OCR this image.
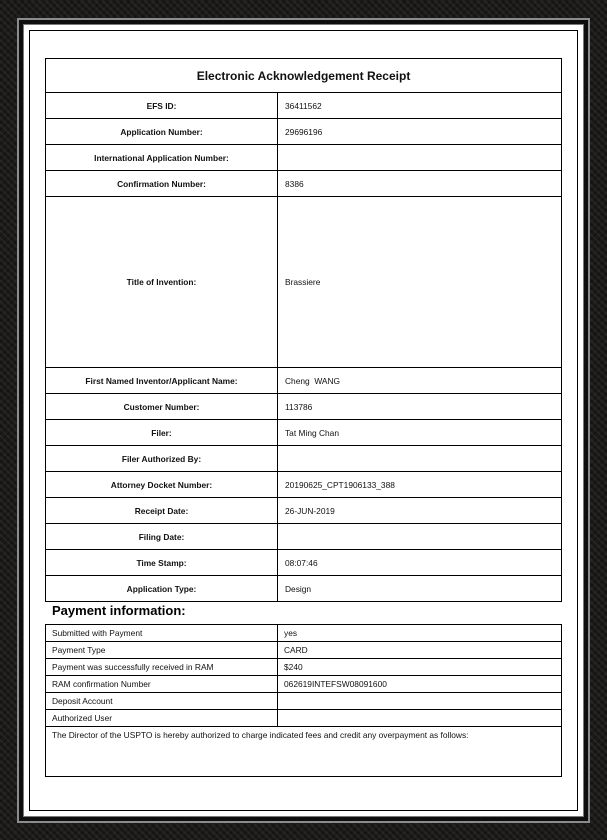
Electronic Acknowledgement Receipt	
EFS ID:	36411562
Application Number:	29696196
International Application Number:	
Confirmation Number:	8386
Title of Invention:	Brassiere
First Named Inventor/Applicant Name:	Cheng  WANG
Customer Number:	113786
Filer:	Tat Ming Chan
Filer Authorized By:	
Attorney Docket Number:	20190625_CPT1906133_388
Receipt Date:	26-JUN-2019
Filing Date:	
Time Stamp:	08:07:46
Application Type:	Design
Payment information:
Submitted with Payment	yes
Payment Type	CARD
Payment was successfully received in RAM	$240
RAM confirmation Number	062619INTEFSW08091600
Deposit Account	
Authorized User	
The Director of the USPTO is hereby authorized to charge indicated fees and credit any overpayment as follows:	
